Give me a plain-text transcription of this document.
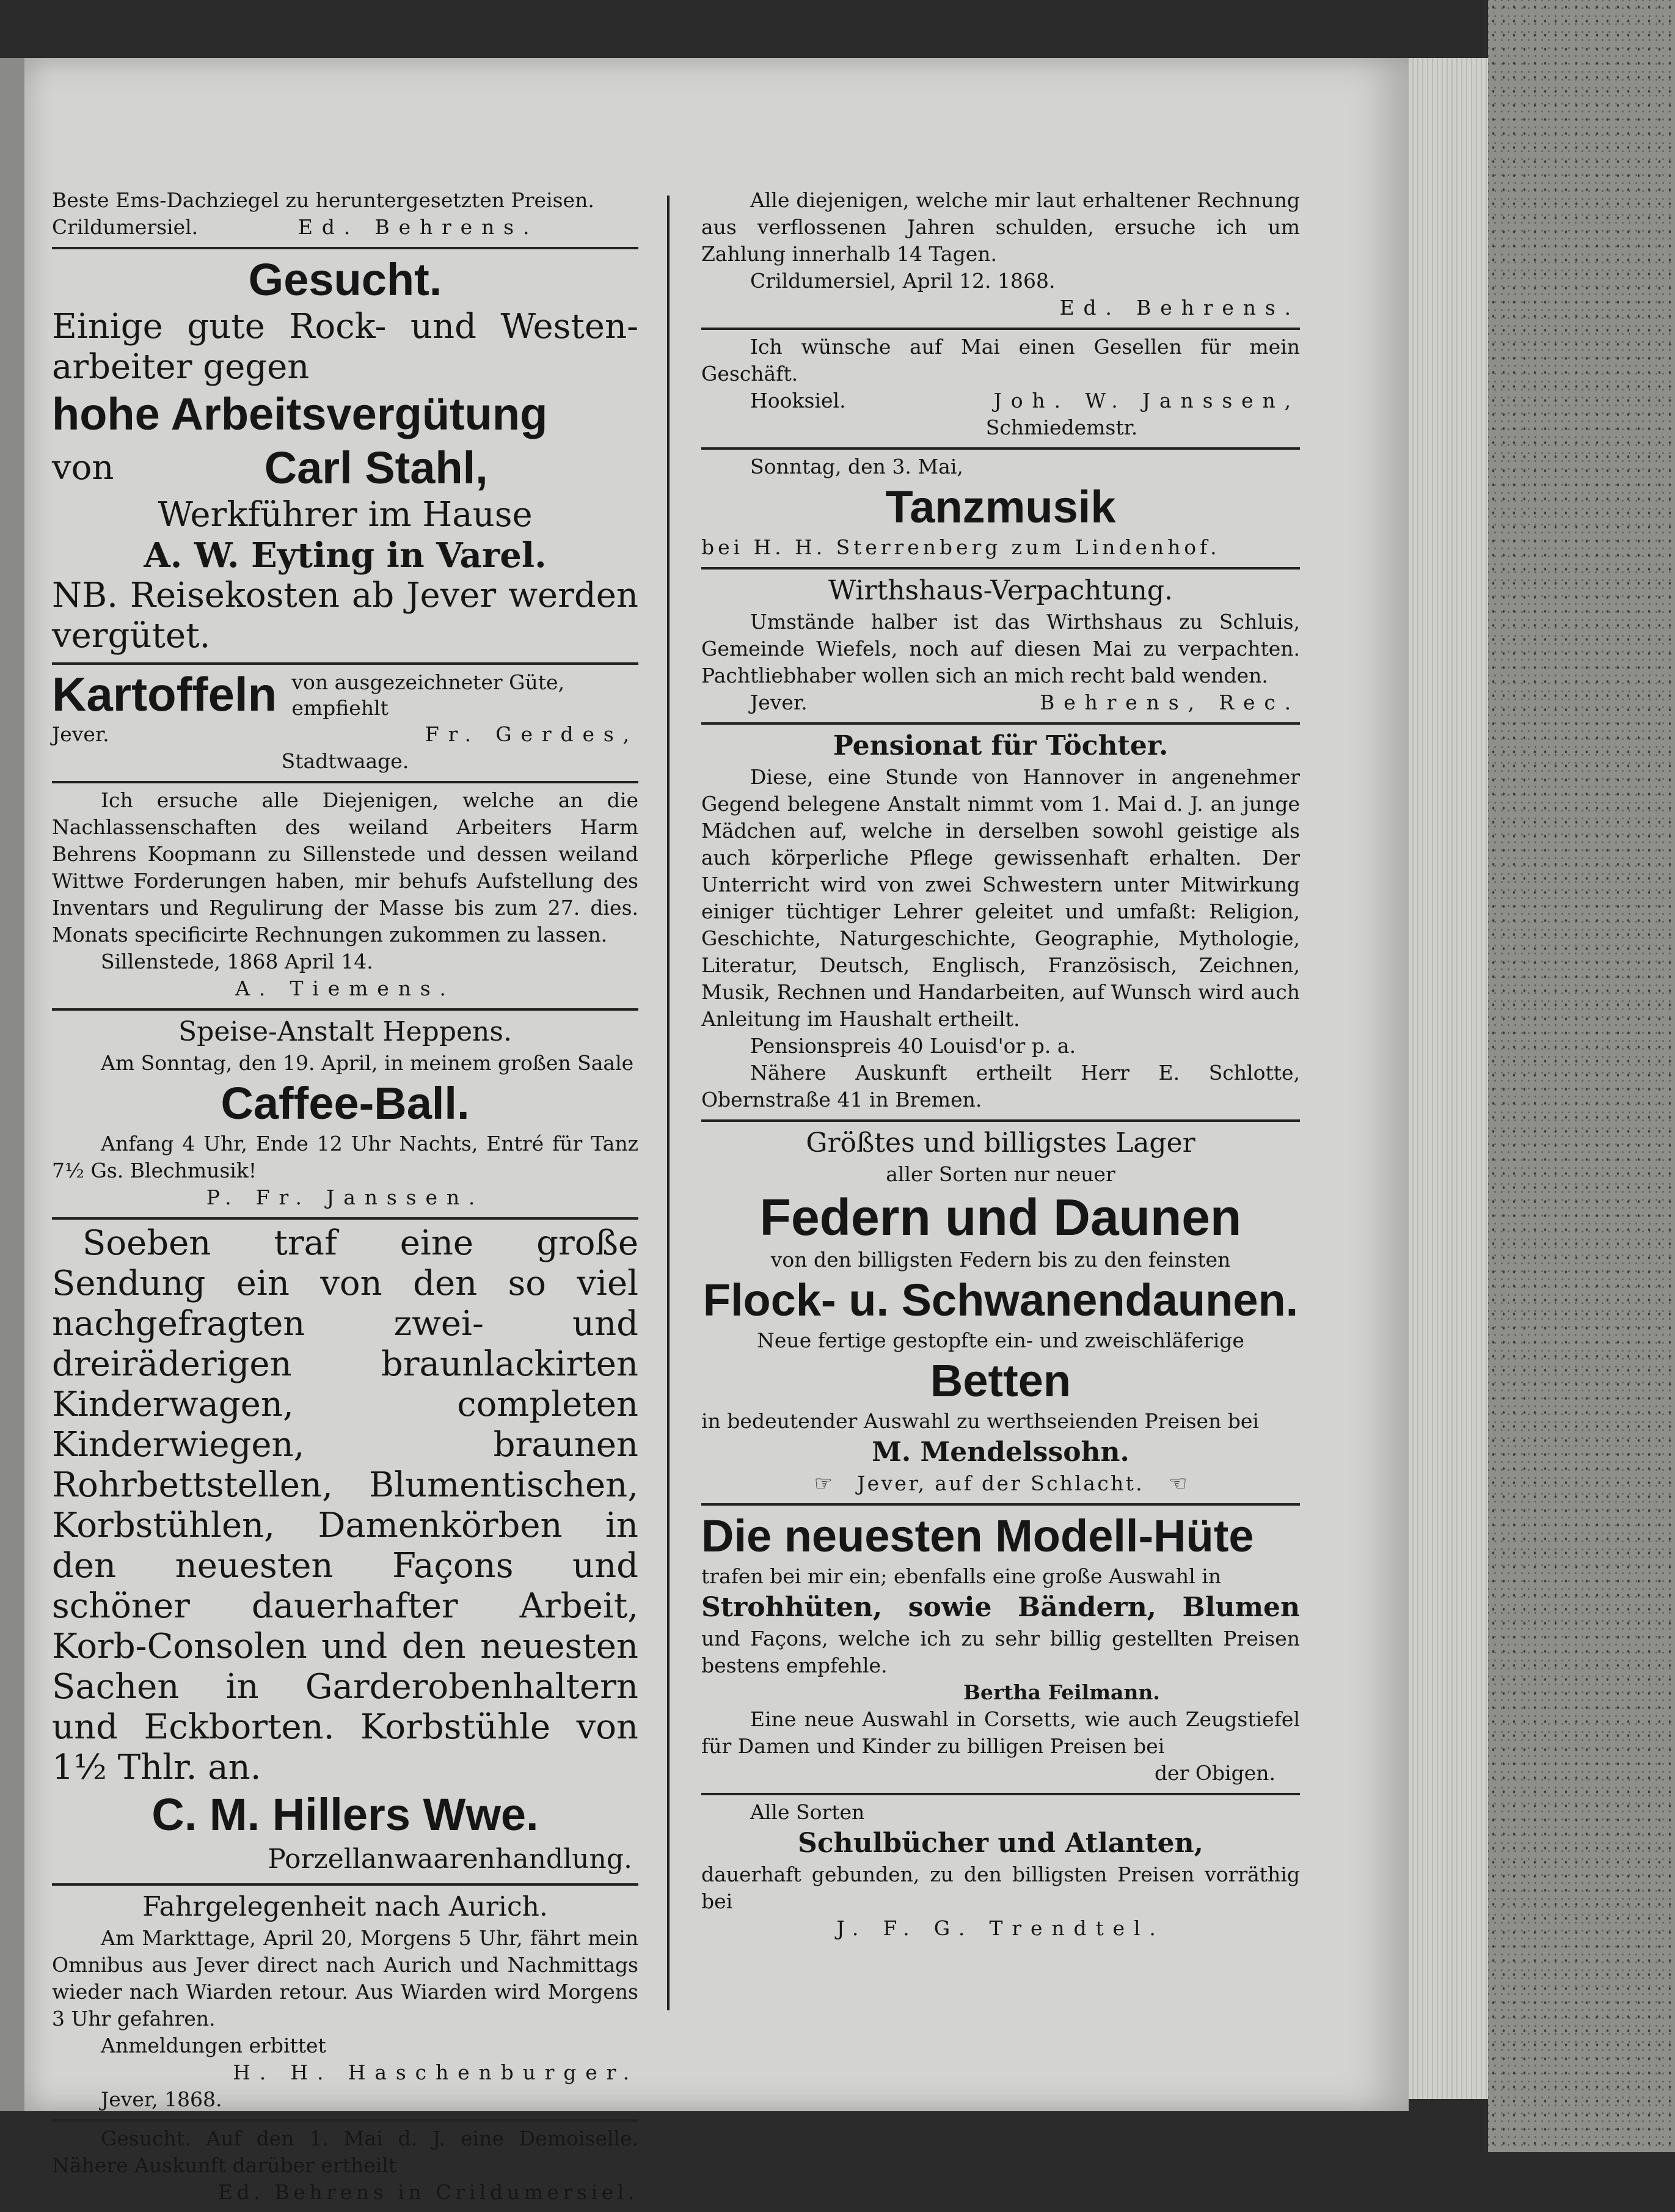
Beste Ems-Dachziegel zu heruntergesetzten Preisen.

Crildumersiel.	Ed. Behrens.

Gesucht.

Einige gute Rock- und Westen-

arbeiter gegen

hohe Arbeitsvergütung

von	Carl Stahl,

Werkführer im Hause

A. W. Eyting in Varel.

NB. Reisekosten ab Jever werden

vergütet.

Kartoffeln von ausgezeichneter Güte,

empfiehlt

Jever.	Fr. Gerdes,

Stadtwaage.

Ich ersuche alle Diejenigen, welche an die Nachlassenschaften des weiland Arbeiters Harm Behrens Koopmann zu Sillenstede und dessen weiland Wittwe Forderungen haben, mir behufs Aufstellung des Inventars und Regulirung der Masse bis zum 27. dies. Monats specificirte Rechnungen zukommen zu lassen.

Sillenstede, 1868 April 14.

A. Tiemens.

Speise-Anstalt Heppens.

Am Sonntag, den 19. April, in meinem großen Saale

Caffee-Ball.

Anfang 4 Uhr, Ende 12 Uhr Nachts, Entré für Tanz 7½ Gs. Blechmusik!

P. Fr. Janssen.

Soeben traf eine große Sendung ein von den so viel nachgefragten zwei- und dreiräderigen braunlackirten Kinderwagen, completen Kinderwiegen, braunen Rohrbettstellen, Blumentischen, Korbstühlen, Damenkörben in den neuesten Façons und schöner dauerhafter Arbeit, Korb-Consolen und den neuesten Sachen in Garderobenhaltern und Eckborten. Korbstühle von 1½ Thlr. an.

C. M. Hillers Wwe.

Porzellanwaarenhandlung.

Fahrgelegenheit nach Aurich.

Am Markttage, April 20, Morgens 5 Uhr, fährt mein Omnibus aus Jever direct nach Aurich und Nachmittags wieder nach Wiarden retour. Aus Wiarden wird Morgens 3 Uhr gefahren.

Anmeldungen erbittet

H. H. Haschenburger.

Jever, 1868.

Gesucht. Auf den 1. Mai d. J. eine Demoiselle. Nähere Auskunft darüber ertheilt

Ed. Behrens in Crildumersiel.

Alle diejenigen, welche mir laut erhaltener Rechnung aus verflossenen Jahren schulden, ersuche ich um Zahlung innerhalb 14 Tagen.

Crildumersiel, April 12. 1868.

Ed. Behrens.

Ich wünsche auf Mai einen Gesellen für mein Geschäft.

Hooksiel.	Joh. W. Janssen,

Schmiedemstr.

Sonntag, den 3. Mai,

Tanzmusik

bei H. H. Sterrenberg zum Lindenhof.

Wirthshaus-Verpachtung.

Umstände halber ist das Wirthshaus zu Schluis, Gemeinde Wiefels, noch auf diesen Mai zu verpachten. Pachtliebhaber wollen sich an mich recht bald wenden.

Jever.	Behrens, Rec.

Pensionat für Töchter.

Diese, eine Stunde von Hannover in angenehmer Gegend belegene Anstalt nimmt vom 1. Mai d. J. an junge Mädchen auf, welche in derselben sowohl geistige als auch körperliche Pflege gewissenhaft erhalten. Der Unterricht wird von zwei Schwestern unter Mitwirkung einiger tüchtiger Lehrer geleitet und umfaßt: Religion, Geschichte, Naturgeschichte, Geographie, Mythologie, Literatur, Deutsch, Englisch, Französisch, Zeichnen, Musik, Rechnen und Handarbeiten, auf Wunsch wird auch Anleitung im Haushalt ertheilt.

Pensionspreis 40 Louisd'or p. a.

Nähere Auskunft ertheilt Herr E. Schlotte, Obernstraße 41 in Bremen.

Größtes und billigstes Lager

aller Sorten nur neuer

Federn und Daunen

von den billigsten Federn bis zu den feinsten

Flock- u. Schwanendaunen.

Neue fertige gestopfte ein- und zweischläferige

Betten

in bedeutender Auswahl zu werthseienden Preisen bei

M. Mendelssohn.

☞ Jever, auf der Schlacht. ☜

Die neuesten Modell-Hüte

trafen bei mir ein; ebenfalls eine große Auswahl in

Strohhüten, sowie Bändern, Blumen

und Façons, welche ich zu sehr billig gestellten Preisen bestens empfehle.

Bertha Feilmann.

Eine neue Auswahl in Corsetts, wie auch Zeugstiefel für Damen und Kinder zu billigen Preisen bei

der Obigen.

Alle Sorten

Schulbücher und Atlanten,

dauerhaft gebunden, zu den billigsten Preisen vorräthig bei

J. F. G. Trendtel.
